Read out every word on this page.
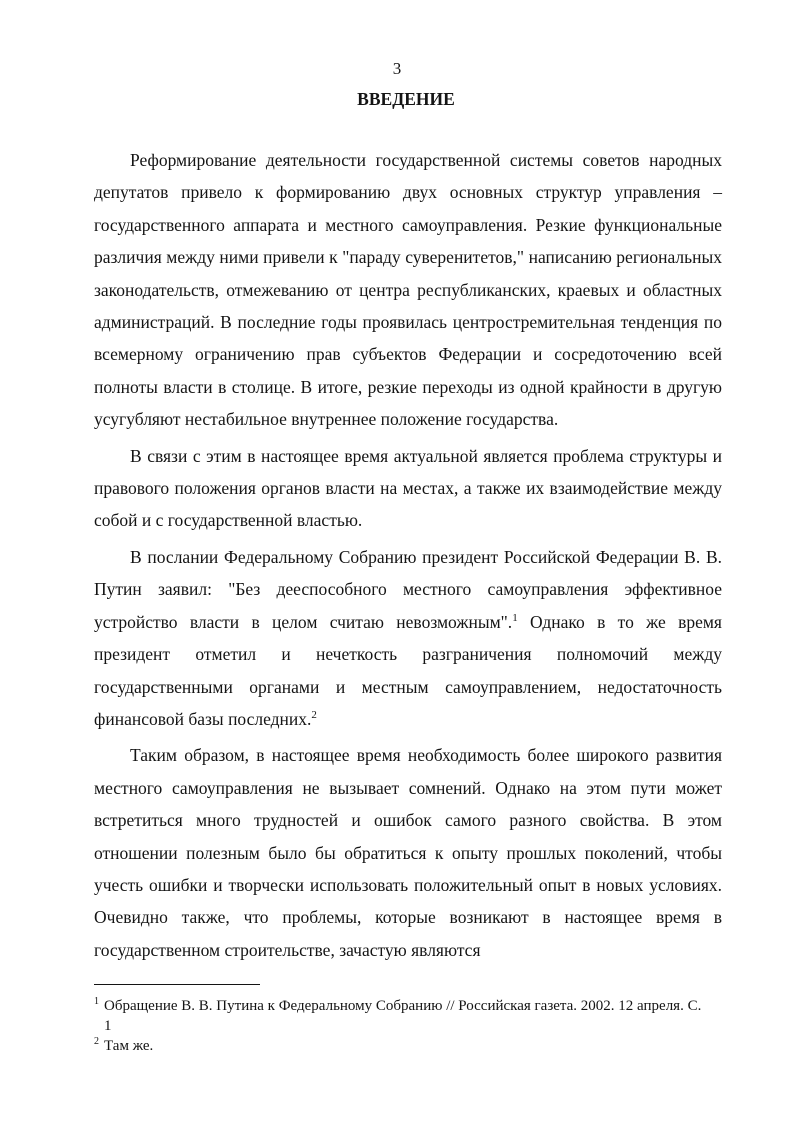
3
ВВЕДЕНИЕ

Реформирование деятельности государственной системы советов народных депутатов привело к формированию двух основных структур управления – государственного аппарата и местного самоуправления. Резкие функциональные различия между ними привели к "параду суверенитетов," написанию региональных законодательств, отмежеванию от центра республиканских, краевых и областных администраций. В последние годы проявилась центростремительная тенденция по всемерному ограничению прав субъектов Федерации и сосредоточению всей полноты власти в столице. В итоге, резкие переходы из одной крайности в другую усугубляют нестабильное внутреннее положение государства.

В связи с этим в настоящее время актуальной является проблема структуры и правового положения органов власти на местах, а также их взаимодействие между собой и с государственной властью.

В послании Федеральному Собранию президент Российской Федерации В. В. Путин заявил: "Без дееспособного местного самоуправления эффективное устройство власти в целом считаю невозможным".$^1$ Однако в то же время президент отметил и нечеткость разграничения полномочий между государственными органами и местным самоуправлением, недостаточность финансовой базы последних.$^2$

Таким образом, в настоящее время необходимость более широкого развития местного самоуправления не вызывает сомнений. Однако на этом пути может встретиться много трудностей и ошибок самого разного свойства. В этом отношении полезным было бы обратиться к опыту прошлых поколений, чтобы учесть ошибки и творчески использовать положительный опыт в новых условиях. Очевидно также, что проблемы, которые возникают в настоящее время в государственном строительстве, зачастую являются

1 Обращение В. В. Путина к Федеральному Собранию // Российская газета. 2002. 12 апреля. С. 1
2 Там же.
